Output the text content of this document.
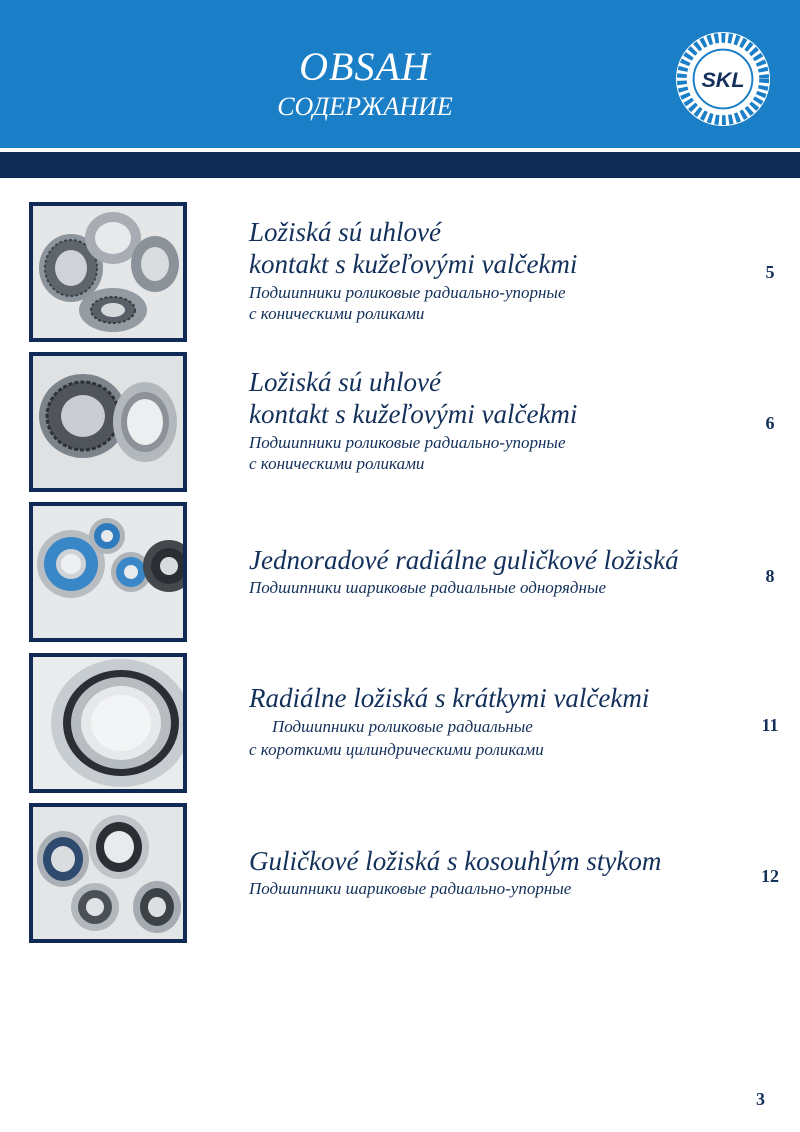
OBSAH
СОДЕРЖАНИЕ
SKL
Ložiská sú uhlové
kontakt s kužeľovými valčekmi
Подшипники роликовые радиально-упорные
с коническими роликами
5
Ložiská sú uhlové
kontakt s kužeľovými valčekmi
Подшипники роликовые радиально-упорные
с коническими роликами
6
Jednoradové radiálne guličkové ložiská
Подшипники шариковые радиальные однорядные
8
Radiálne ložiská s krátkymi valčekmi
Подшипники роликовые радиальные
с короткими цилиндрическими роликами
11
Guličkové ložiská s kosouhlým stykom
Подшипники шариковые радиально-упорные
12
3
